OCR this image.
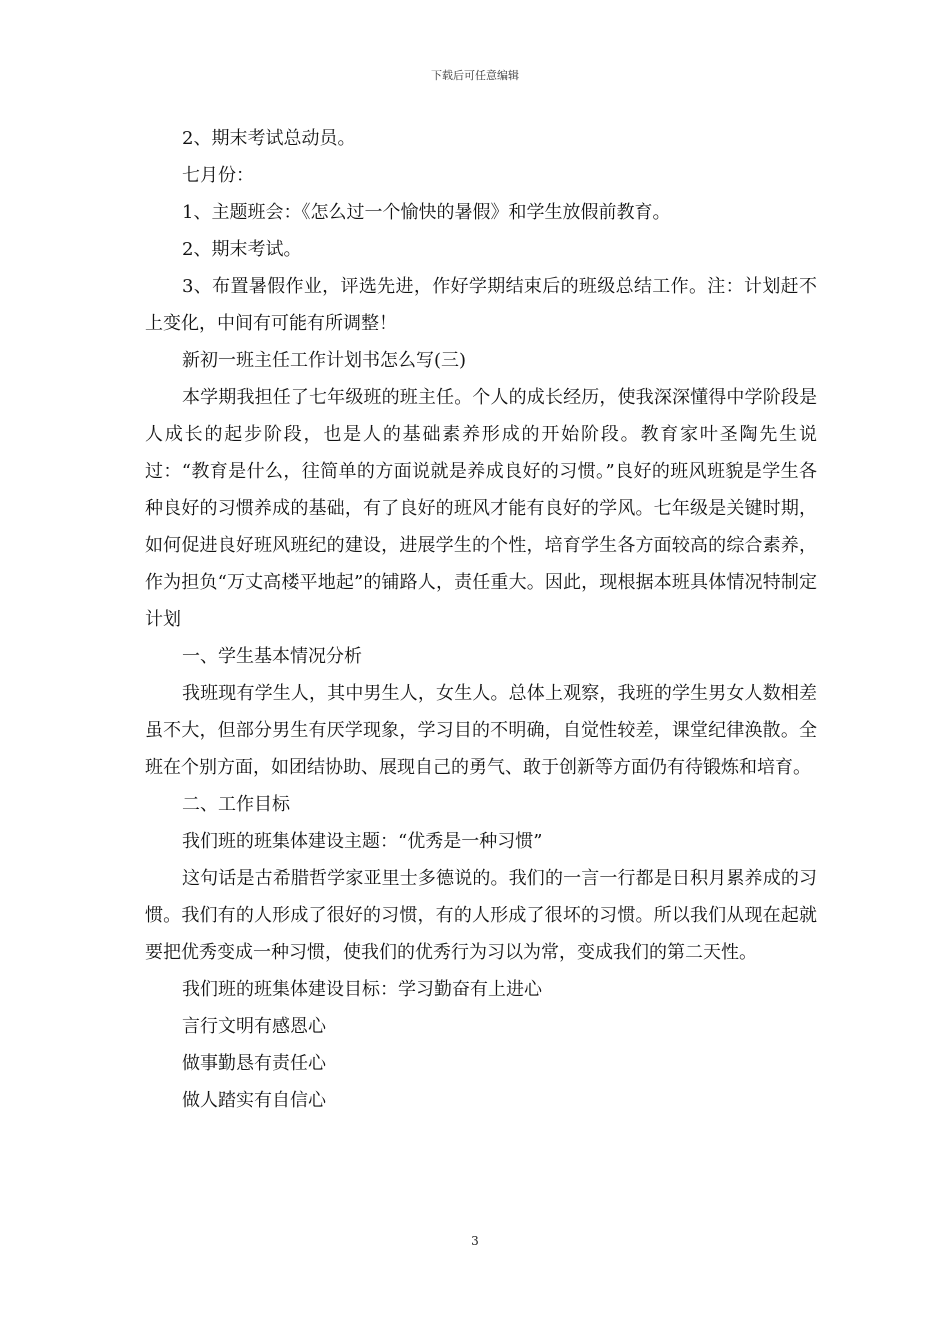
下载后可任意编辑
2、期末考试总动员。
七月份：
1、主题班会：《怎么过一个愉快的暑假》和学生放假前教育。
2、期末考试。
3、布置暑假作业，评选先进，作好学期结束后的班级总结工作。注：计划赶不上变化，中间有可能有所调整！
新初一班主任工作计划书怎么写(三)
本学期我担任了七年级班的班主任。个人的成长经历，使我深深懂得中学阶段是人成长的起步阶段，也是人的基础素养形成的开始阶段。教育家叶圣陶先生说过：“教育是什么，往简单的方面说就是养成良好的习惯。”良好的班风班貌是学生各种良好的习惯养成的基础，有了良好的班风才能有良好的学风。七年级是关键时期，如何促进良好班风班纪的建设，进展学生的个性，培育学生各方面较高的综合素养，作为担负“万丈高楼平地起”的铺路人，责任重大。因此，现根据本班具体情况特制定计划
一、学生基本情况分析
我班现有学生人，其中男生人，女生人。总体上观察，我班的学生男女人数相差虽不大，但部分男生有厌学现象，学习目的不明确，自觉性较差，课堂纪律涣散。全班在个别方面，如团结协助、展现自己的勇气、敢于创新等方面仍有待锻炼和培育。
二、工作目标
我们班的班集体建设主题：“优秀是一种习惯”
这句话是古希腊哲学家亚里士多德说的。我们的一言一行都是日积月累养成的习惯。我们有的人形成了很好的习惯，有的人形成了很坏的习惯。所以我们从现在起就要把优秀变成一种习惯，使我们的优秀行为习以为常，变成我们的第二天性。
我们班的班集体建设目标：学习勤奋有上进心
言行文明有感恩心
做事勤恳有责任心
做人踏实有自信心
3
